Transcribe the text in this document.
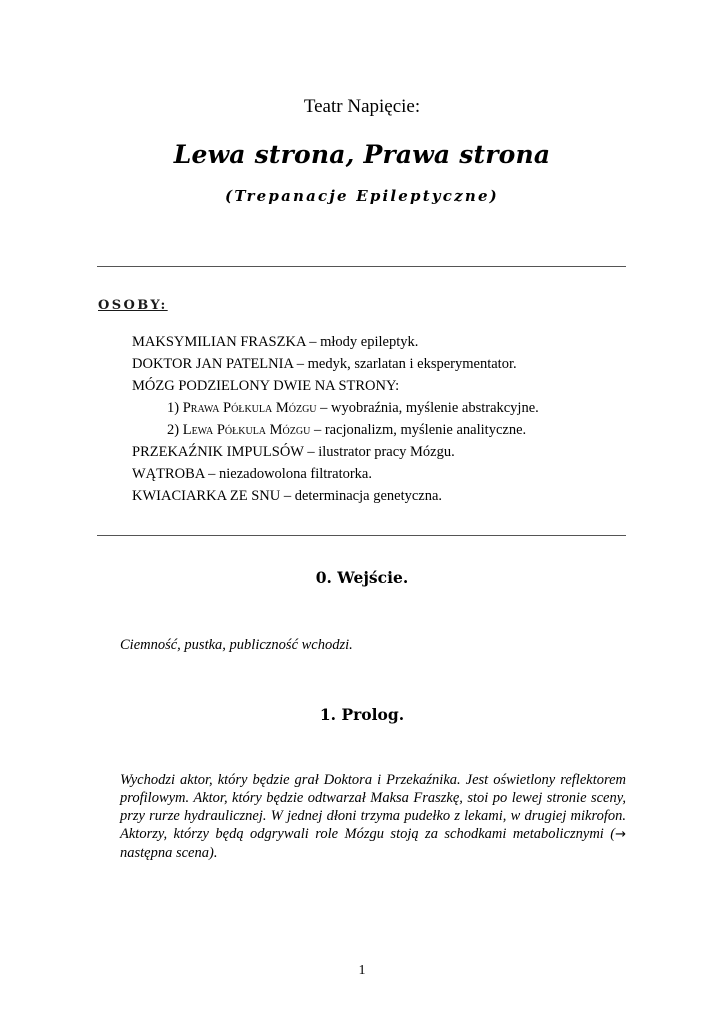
Teatr Napięcie:
Lewa strona, Prawa strona
(Trepanacje Epileptyczne)
OSOBY:
MAKSYMILIAN FRASZKA – młody epileptyk.
DOKTOR JAN PATELNIA – medyk, szarlatan i eksperymentator.
MÓZG PODZIELONY DWIE NA STRONY:
1) Prawa Półkula Mózgu – wyobraźnia, myślenie abstrakcyjne.
2) Lewa Półkula Mózgu – racjonalizm, myślenie analityczne.
PRZEKAŹNIK IMPULSÓW – ilustrator pracy Mózgu.
WĄTROBA – niezadowolona filtratorka.
KWIACIARKA ZE SNU – determinacja genetyczna.
0. Wejście.
Ciemność, pustka, publiczność wchodzi.
1. Prolog.
Wychodzi aktor, który będzie grał Doktora i Przekaźnika. Jest oświetlony reflektorem profilowym. Aktor, który będzie odtwarzał Maksa Fraszkę, stoi po lewej stronie sceny, przy rurze hydraulicznej. W jednej dłoni trzyma pudełko z lekami, w drugiej mikrofon. Aktorzy, którzy będą odgrywali role Mózgu stoją za schodkami metabolicznymi (→ następna scena).
1
